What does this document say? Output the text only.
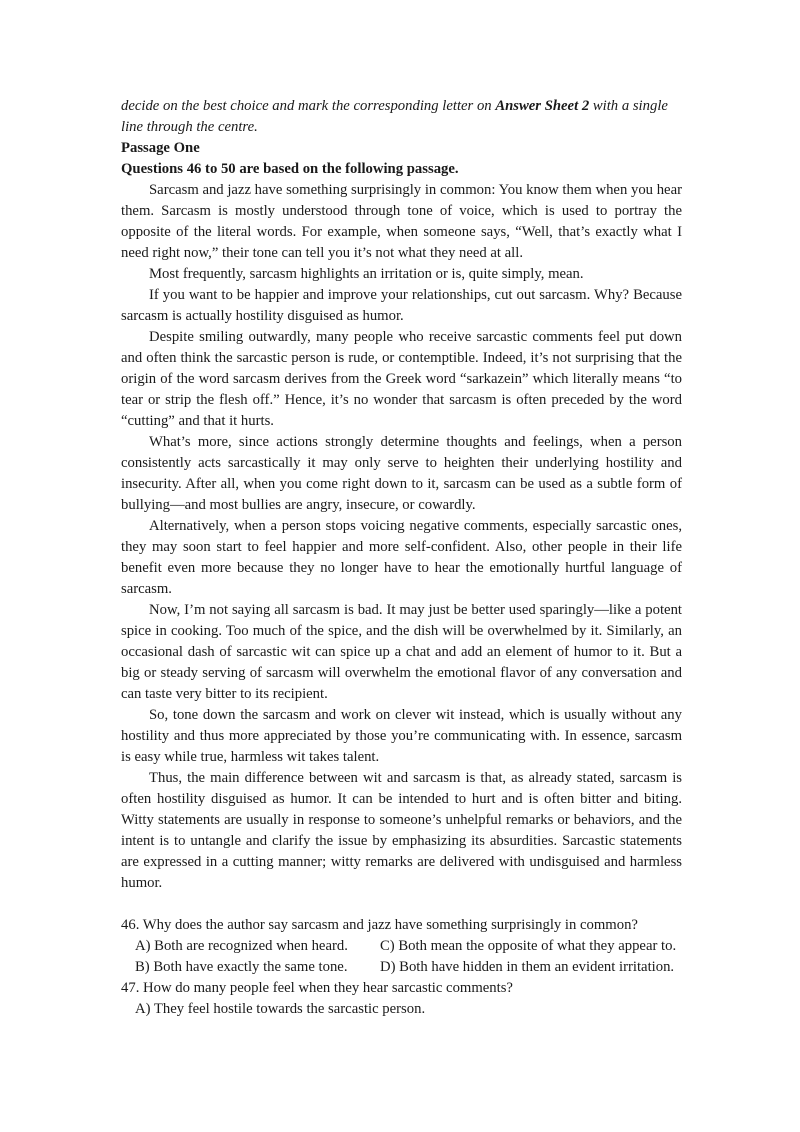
decide on the best choice and mark the corresponding letter on Answer Sheet 2 with a single line through the centre.

Passage One

Questions 46 to 50 are based on the following passage.

Sarcasm and jazz have something surprisingly in common: You know them when you hear them. Sarcasm is mostly understood through tone of voice, which is used to portray the opposite of the literal words. For example, when someone says, “Well, that’s exactly what I need right now,” their tone can tell you it’s not what they need at all.

Most frequently, sarcasm highlights an irritation or is, quite simply, mean.

If you want to be happier and improve your relationships, cut out sarcasm. Why? Because sarcasm is actually hostility disguised as humor.

Despite smiling outwardly, many people who receive sarcastic comments feel put down and often think the sarcastic person is rude, or contemptible. Indeed, it’s not surprising that the origin of the word sarcasm derives from the Greek word “sarkazein” which literally means “to tear or strip the flesh off.” Hence, it’s no wonder that sarcasm is often preceded by the word “cutting” and that it hurts.

What’s more, since actions strongly determine thoughts and feelings, when a person consistently acts sarcastically it may only serve to heighten their underlying hostility and insecurity. After all, when you come right down to it, sarcasm can be used as a subtle form of bullying—and most bullies are angry, insecure, or cowardly.

Alternatively, when a person stops voicing negative comments, especially sarcastic ones, they may soon start to feel happier and more self-confident. Also, other people in their life benefit even more because they no longer have to hear the emotionally hurtful language of sarcasm.

Now, I’m not saying all sarcasm is bad. It may just be better used sparingly—like a potent spice in cooking. Too much of the spice, and the dish will be overwhelmed by it. Similarly, an occasional dash of sarcastic wit can spice up a chat and add an element of humor to it. But a big or steady serving of sarcasm will overwhelm the emotional flavor of any conversation and can taste very bitter to its recipient.

So, tone down the sarcasm and work on clever wit instead, which is usually without any hostility and thus more appreciated by those you’re communicating with. In essence, sarcasm is easy while true, harmless wit takes talent.

Thus, the main difference between wit and sarcasm is that, as already stated, sarcasm is often hostility disguised as humor. It can be intended to hurt and is often bitter and biting. Witty statements are usually in response to someone’s unhelpful remarks or behaviors, and the intent is to untangle and clarify the issue by emphasizing its absurdities. Sarcastic statements are expressed in a cutting manner; witty remarks are delivered with undisguised and harmless humor.

46. Why does the author say sarcasm and jazz have something surprisingly in common?

A) Both are recognized when heard.	C) Both mean the opposite of what they appear to.

B) Both have exactly the same tone.	D) Both have hidden in them an evident irritation.

47. How do many people feel when they hear sarcastic comments?

A) They feel hostile towards the sarcastic person.
